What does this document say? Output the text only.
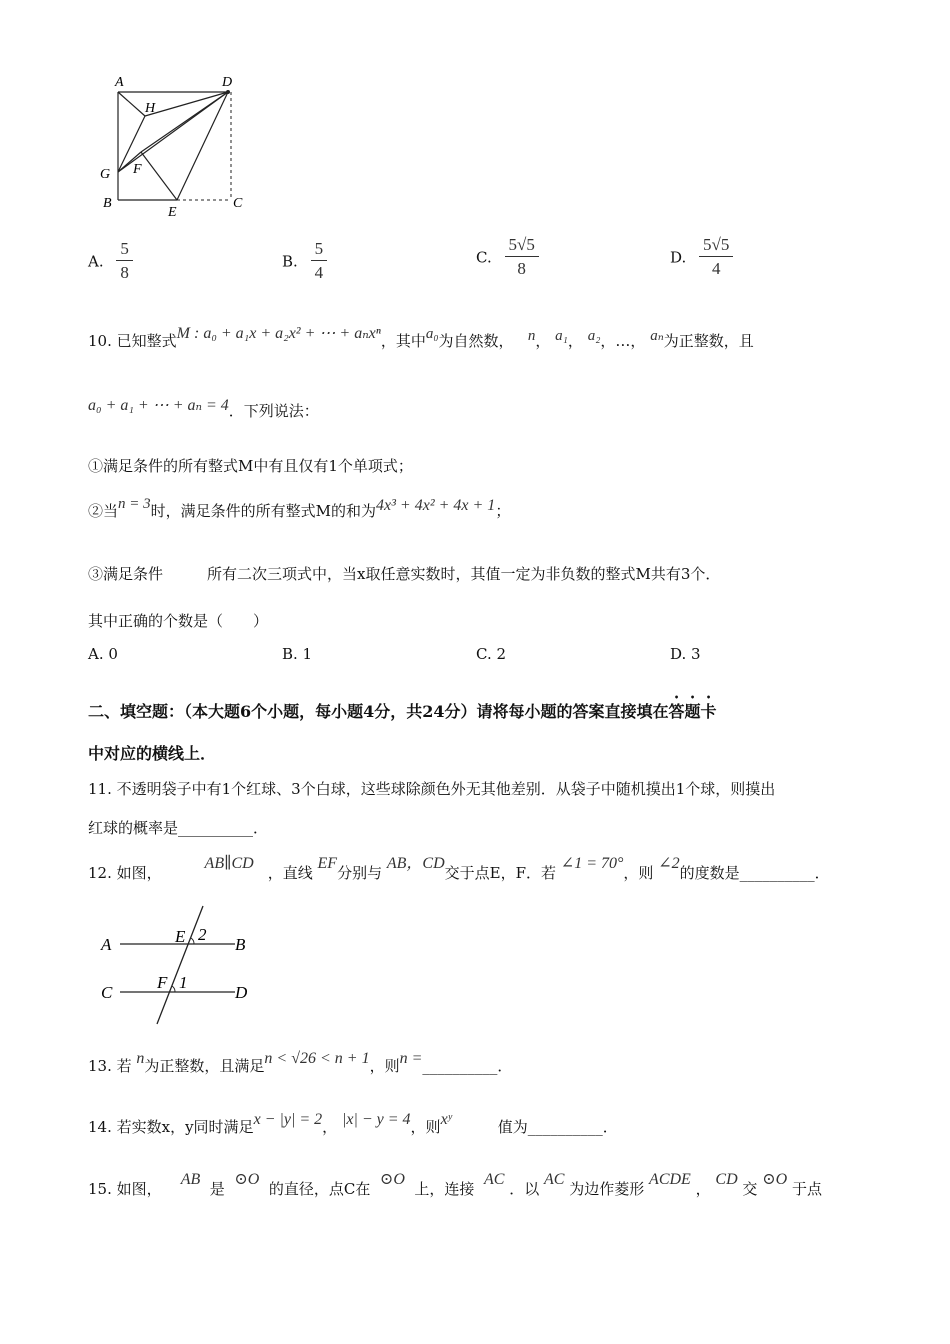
A	D
H
G F
B
E
C
A. $\frac{5}{8}$	B. $\frac{5}{4}$	C. $\frac{5√5}{8}$	D. $\frac{5√5}{4}$
10. 已知整式M : a₀ + a₁x + a₂x² + ⋯ + aₙxⁿ，其中a₀为自然数， n， a₁， a₂，…， aₙ为正整数，且
a₀ + a₁ + ⋯ + aₙ = 4．下列说法：
①满足条件的所有整式M中有且仅有1个单项式；
②当n = 3时，满足条件的所有整式M的和为4x³ + 4x² + 4x + 1；
③满足条件	所有二次三项式中，当x取任意实数时，其值一定为非负数的整式M共有3个．
其中正确的个数是（　　）
A. 0	B. 1	C. 2	D. 3
二、填空题：（本大题6个小题，每小题4分，共24分）请将每小题的答案直接填在答题卡
中对应的横线上．
11. 不透明袋子中有1个红球、3个白球，这些球除颜色外无其他差别．从袋子中随机摸出1个球，则摸出
红球的概率是__________．
12. 如图，         AB∥CD，直线 EF分别与 AB，CD交于点E，F．若 ∠1 = 70°，则 ∠2的度数是__________．
A	B
C	D
E
F
2
1
13. 若 n为正整数，且满足n < √26 < n + 1，则n =__________．
14. 若实数x，y同时满足x − |y| = 2， |x| − y = 4，则xʸ	值为__________．
15. 如图，    AB  是  ⊙O  的直径，点C在  ⊙O  上，连接  AC ．以 AC 为边作菱形 ACDE ， CD 交 ⊙O 于点
